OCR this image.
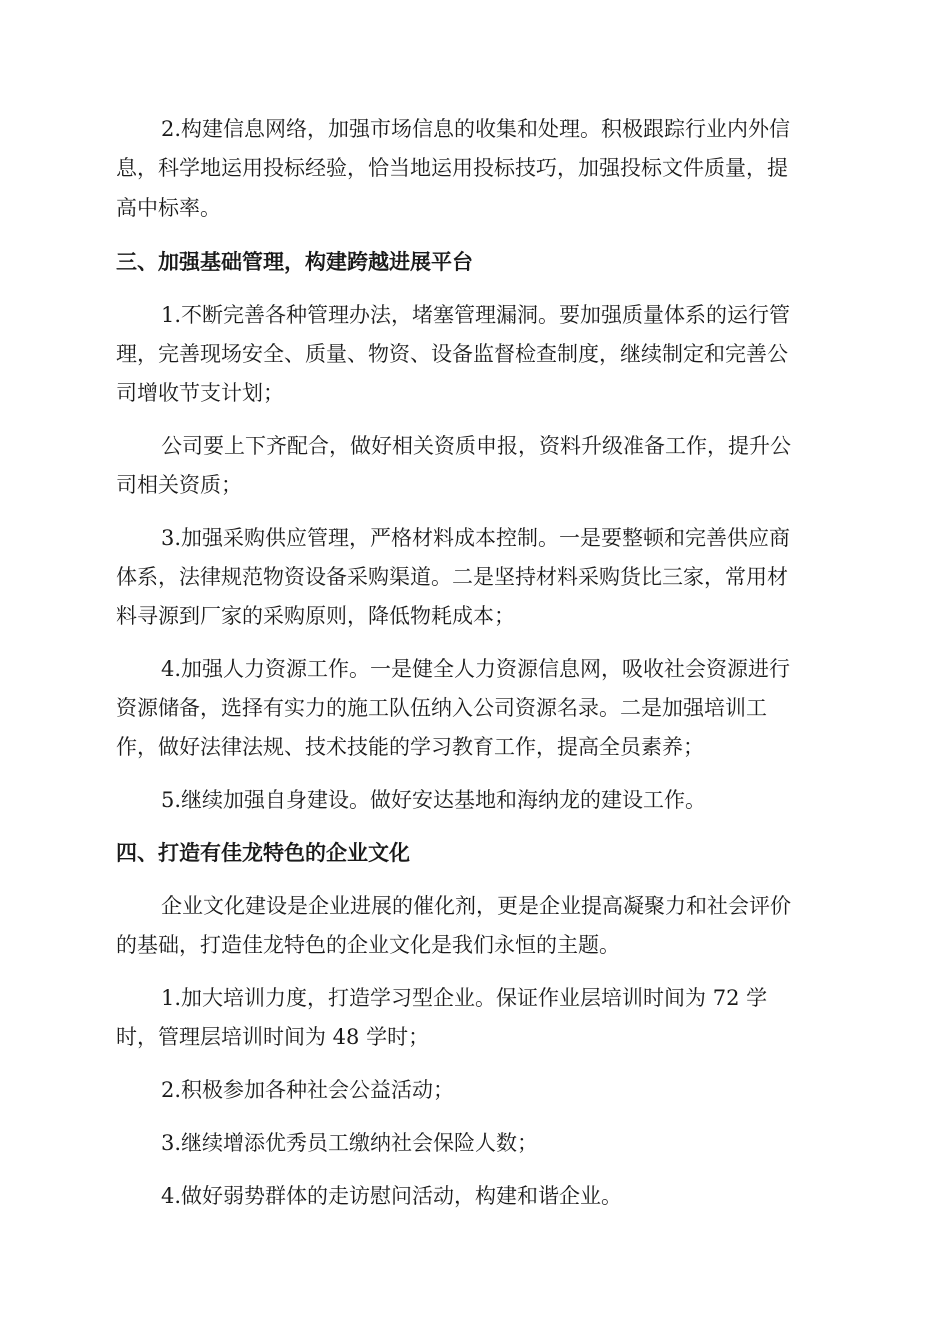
2.构建信息网络，加强市场信息的收集和处理。积极跟踪行业内外信
息，科学地运用投标经验，恰当地运用投标技巧，加强投标文件质量，提
高中标率。
三、加强基础管理，构建跨越进展平台
1.不断完善各种管理办法，堵塞管理漏洞。要加强质量体系的运行管
理，完善现场安全、质量、物资、设备监督检查制度，继续制定和完善公
司增收节支计划；
公司要上下齐配合，做好相关资质申报，资料升级准备工作，提升公
司相关资质；
3.加强采购供应管理，严格材料成本控制。一是要整顿和完善供应商
体系，法律规范物资设备采购渠道。二是坚持材料采购货比三家，常用材
料寻源到厂家的采购原则，降低物耗成本；
4.加强人力资源工作。一是健全人力资源信息网，吸收社会资源进行
资源储备，选择有实力的施工队伍纳入公司资源名录。二是加强培训工
作，做好法律法规、技术技能的学习教育工作，提高全员素养；
5.继续加强自身建设。做好安达基地和海纳龙的建设工作。
四、打造有佳龙特色的企业文化
企业文化建设是企业进展的催化剂，更是企业提高凝聚力和社会评价
的基础，打造佳龙特色的企业文化是我们永恒的主题。
1.加大培训力度，打造学习型企业。保证作业层培训时间为 72 学
时，管理层培训时间为 48 学时；
2.积极参加各种社会公益活动；
3.继续增添优秀员工缴纳社会保险人数；
4.做好弱势群体的走访慰问活动，构建和谐企业。
